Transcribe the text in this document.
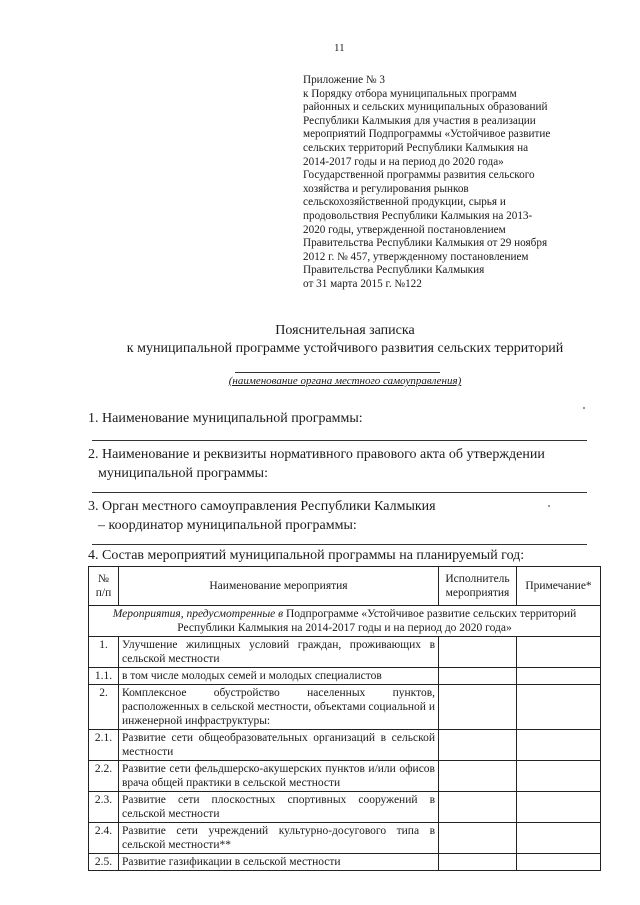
11
Приложение № 3
к Порядку отбора муниципальных программ
районных и сельских муниципальных образований
Республики Калмыкия для участия в реализации
мероприятий Подпрограммы «Устойчивое развитие
сельских территорий Республики Калмыкия на
2014-2017 годы и на период до 2020 года»
Государственной программы развития сельского
хозяйства и регулирования рынков
сельскохозяйственной продукции, сырья и
продовольствия Республики Калмыкия на 2013-
2020 годы, утвержденной постановлением
Правительства Республики Калмыкия от 29 ноября
2012 г. № 457, утвержденному постановлением
Правительства Республики Калмыкия
от 31 марта 2015 г. №122
Пояснительная записка
к муниципальной программе устойчивого развития сельских территорий
(наименование органа местного самоуправления)
1. Наименование муниципальной программы:
2. Наименование и реквизиты нормативного правового акта об утверждении
муниципальной программы:
3. Орган местного самоуправления Республики Калмыкия
– координатор муниципальной программы:
4. Состав мероприятий муниципальной программы на планируемый год:
№ п/п	Наименование мероприятия	Исполнитель мероприятия	Примечание*
Мероприятия, предусмотренные в Подпрограмме «Устойчивое развитие сельских территорий Республики Калмыкия на 2014-2017 годы и на период до 2020 года»			
1.	Улучшение жилищных условий граждан, проживающих в сельской местности		
1.1.	в том числе молодых семей и молодых специалистов		
2.	Комплексное обустройство населенных пунктов, расположенных в сельской местности, объектами социальной и инженерной инфраструктуры:		
2.1.	Развитие сети общеобразовательных организаций в сельской местности		
2.2.	Развитие сети фельдшерско-акушерских пунктов и/или офисов врача общей практики в сельской местности		
2.3.	Развитие сети плоскостных спортивных сооружений в сельской местности		
2.4.	Развитие сети учреждений культурно-досугового типа в сельской местности**		
2.5.	Развитие газификации в сельской местности		
